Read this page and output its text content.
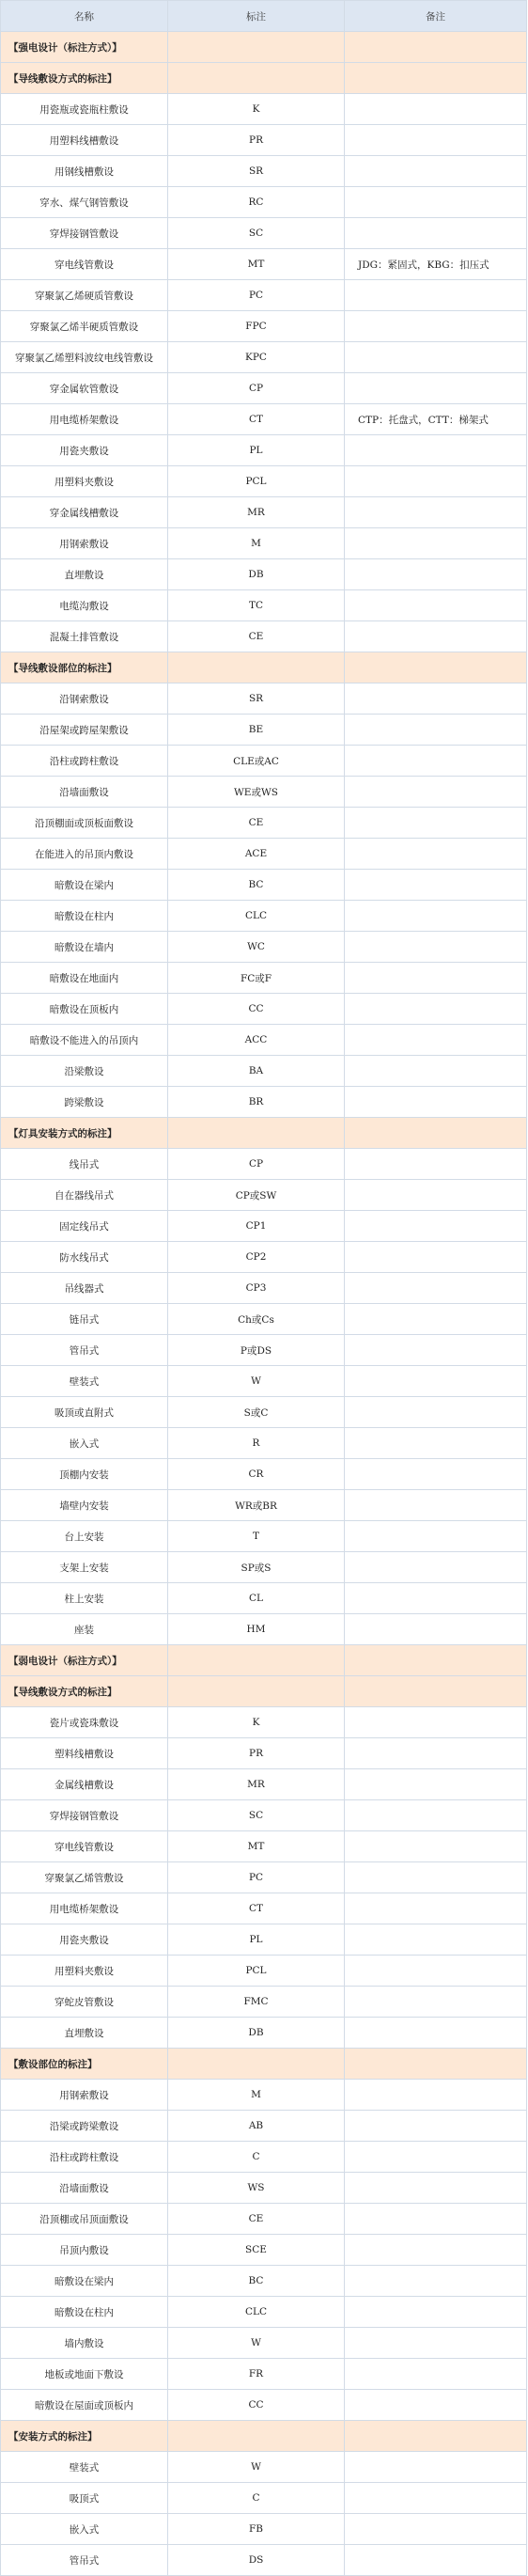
名称	标注	备注
【强电设计（标注方式）】		
【导线敷设方式的标注】		
用瓷瓶或瓷瓶柱敷设	K	
用塑料线槽敷设	PR	
用钢线槽敷设	SR	
穿水、煤气钢管敷设	RC	
穿焊接钢管敷设	SC	
穿电线管敷设	MT	JDG：紧固式，KBG：扣压式
穿聚氯乙烯硬质管敷设	PC	
穿聚氯乙烯半硬质管敷设	FPC	
穿聚氯乙烯塑料波纹电线管敷设	KPC	
穿金属软管敷设	CP	
用电缆桥架敷设	CT	CTP：托盘式，CTT：梯架式
用瓷夹敷设	PL	
用塑料夹敷设	PCL	
穿金属线槽敷设	MR	
用钢索敷设	M	
直埋敷设	DB	
电缆沟敷设	TC	
混凝土排管敷设	CE	
【导线敷设部位的标注】		
沿钢索敷设	SR	
沿屋架或跨屋架敷设	BE	
沿柱或跨柱敷设	CLE或AC	
沿墙面敷设	WE或WS	
沿顶棚面或顶板面敷设	CE	
在能进入的吊顶内敷设	ACE	
暗敷设在梁内	BC	
暗敷设在柱内	CLC	
暗敷设在墙内	WC	
暗敷设在地面内	FC或F	
暗敷设在顶板内	CC	
暗敷设不能进入的吊顶内	ACC	
沿梁敷设	BA	
跨梁敷设	BR	
【灯具安装方式的标注】		
线吊式	CP	
自在器线吊式	CP或SW	
固定线吊式	CP1	
防水线吊式	CP2	
吊线器式	CP3	
链吊式	Ch或Cs	
管吊式	P或DS	
壁装式	W	
吸顶或直附式	S或C	
嵌入式	R	
顶棚内安装	CR	
墙壁内安装	WR或BR	
台上安装	T	
支架上安装	SP或S	
柱上安装	CL	
座装	HM	
【弱电设计（标注方式）】		
【导线敷设方式的标注】		
瓷片或瓷珠敷设	K	
塑料线槽敷设	PR	
金属线槽敷设	MR	
穿焊接钢管敷设	SC	
穿电线管敷设	MT	
穿聚氯乙烯管敷设	PC	
用电缆桥架敷设	CT	
用瓷夹敷设	PL	
用塑料夹敷设	PCL	
穿蛇皮管敷设	FMC	
直埋敷设	DB	
【敷设部位的标注】		
用钢索敷设	M	
沿梁或跨梁敷设	AB	
沿柱或跨柱敷设	C	
沿墙面敷设	WS	
沿顶棚或吊顶面敷设	CE	
吊顶内敷设	SCE	
暗敷设在梁内	BC	
暗敷设在柱内	CLC	
墙内敷设	W	
地板或地面下敷设	FR	
暗敷设在屋面或顶板内	CC	
【安装方式的标注】		
壁装式	W	
吸顶式	C	
嵌入式	FB	
管吊式	DS	
